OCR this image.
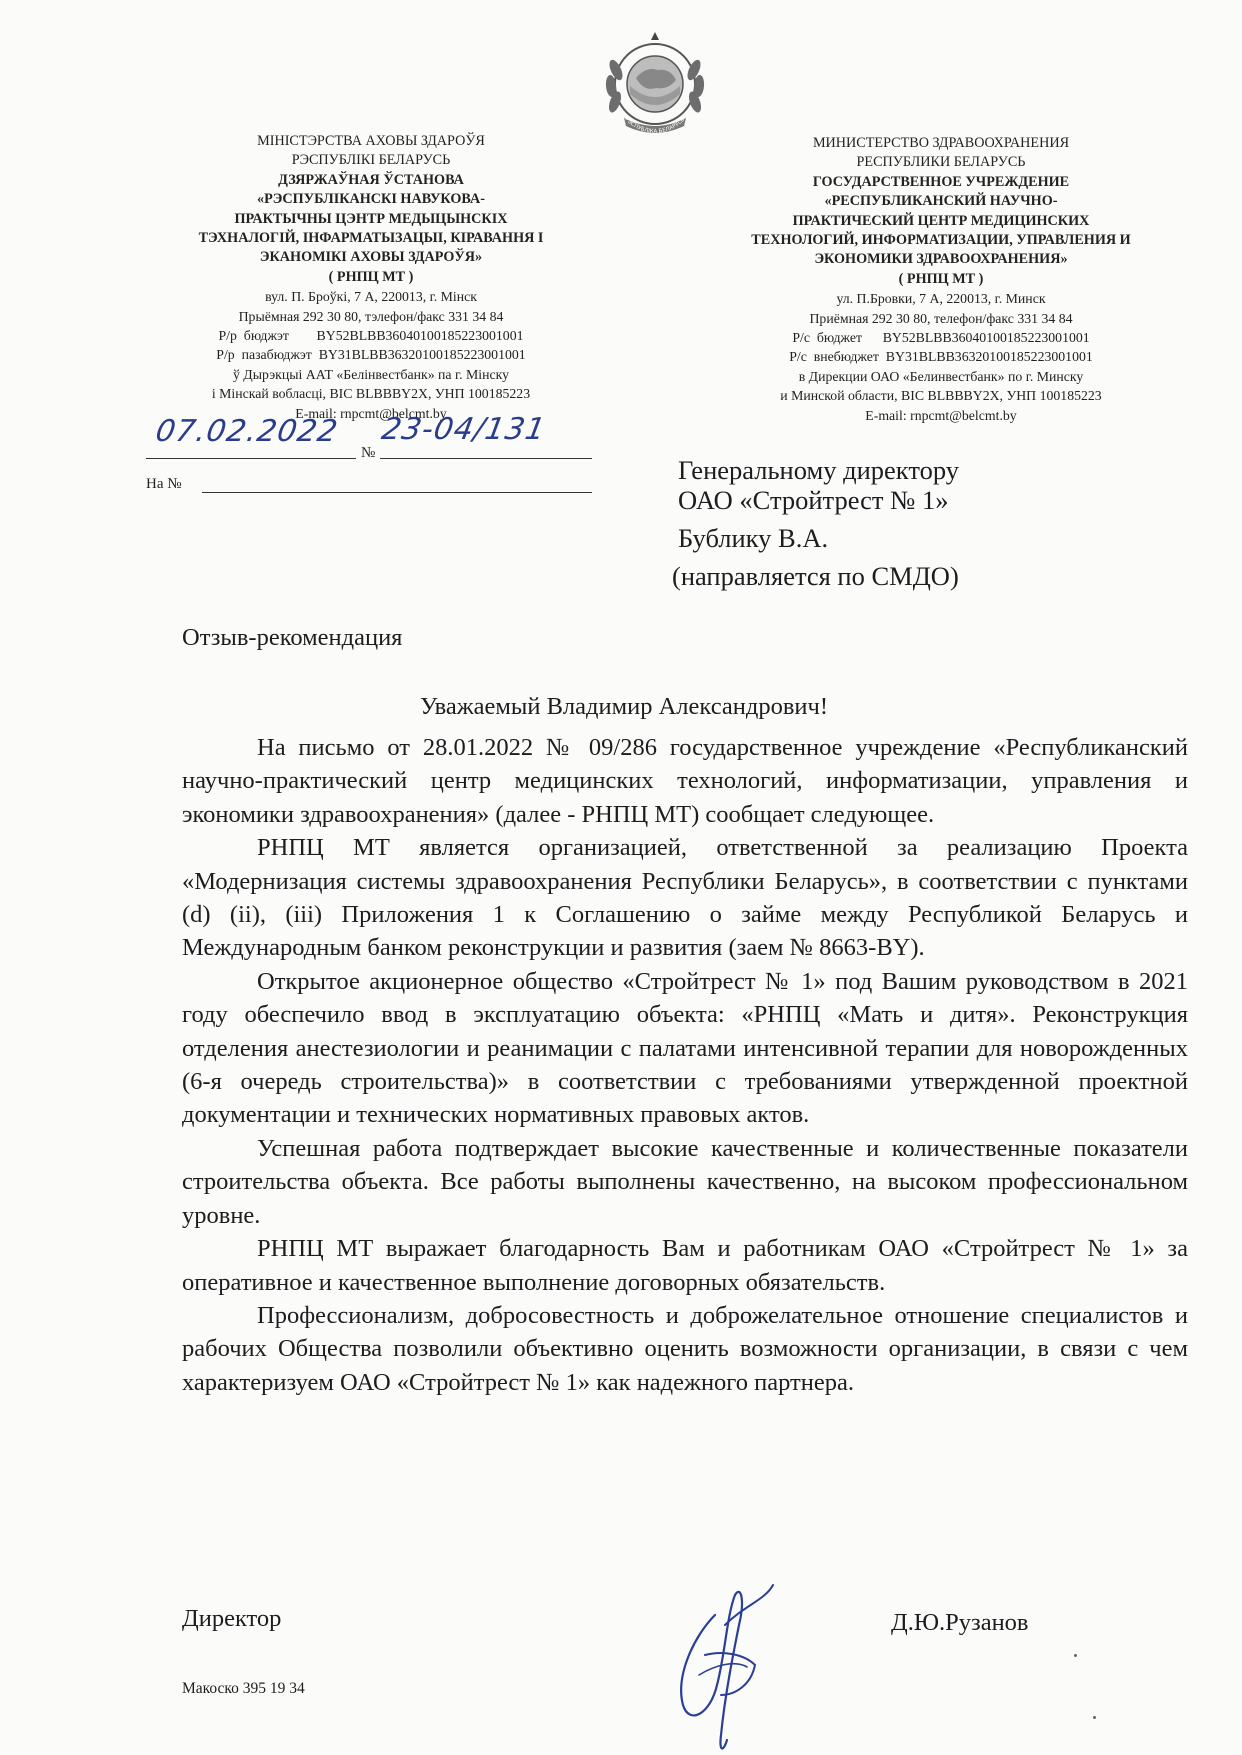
РЭСПУБЛІКА БЕЛАРУСЬ
МІНІСТЭРСТВА АХОВЫ ЗДАРОЎЯ
РЭСПУБЛІКІ БЕЛАРУСЬ
ДЗЯРЖАЎНАЯ ЎСТАНОВА
«РЭСПУБЛІКАНСКІ НАВУКОВА-
ПРАКТЫЧНЫ ЦЭНТР МЕДЫЦЫНСКІХ
ТЭХНАЛОГІЙ, ІНФАРМАТЫЗАЦЫІ, КІРАВАННЯ І
ЭКАНОМІКІ АХОВЫ ЗДАРОЎЯ»
( РНПЦ МТ )
вул. П. Броўкі, 7 А, 220013, г. Мінск
Прыёмная 292 30 80, тэлефон/факс 331 34 84
Р/р  бюджэт        BY52BLBB36040100185223001001
Р/р  пазабюджэт  BY31BLBB36320100185223001001
ў Дырэкцыі ААТ «Белінвестбанк» па г. Мінску
і Мінскай вобласці, BIC BLBBBY2X, УНП 100185223
E-mail: rnpcmt@belcmt.by
МИНИСТЕРСТВО ЗДРАВООХРАНЕНИЯ
РЕСПУБЛИКИ БЕЛАРУСЬ
ГОСУДАРСТВЕННОЕ УЧРЕЖДЕНИЕ
«РЕСПУБЛИКАНСКИЙ НАУЧНО-
ПРАКТИЧЕСКИЙ ЦЕНТР МЕДИЦИНСКИХ
ТЕХНОЛОГИЙ, ИНФОРМАТИЗАЦИИ, УПРАВЛЕНИЯ И
ЭКОНОМИКИ ЗДРАВООХРАНЕНИЯ»
( РНПЦ МТ )
ул. П.Бровки, 7 А, 220013, г. Минск
Приёмная 292 30 80, телефон/факс 331 34 84
Р/с  бюджет      BY52BLBB36040100185223001001
Р/с  внебюджет  BY31BLBB36320100185223001001
в Дирекции ОАО «Белинвестбанк» по г. Минску
и Минской области, BIC BLBBBY2X, УНП 100185223
E-mail: rnpcmt@belcmt.by
07.02.2022
№
23-04/131
На №	Генеральному директору
ОАО «Стройтрест № 1»
Бублику В.А.
(направляется по СМДО)
Отзыв-рекомендация
Уважаемый Владимир Александрович!

На письмо от 28.01.2022 № 09/286 государственное учреждение «Республиканский научно-практический центр медицинских технологий, информатизации, управления и экономики здравоохранения» (далее - РНПЦ МТ) сообщает следующее.

РНПЦ МТ является организацией, ответственной за реализацию Проекта «Модернизация системы здравоохранения Республики Беларусь», в соответствии с пунктами (d) (ii), (iii) Приложения 1 к Соглашению о займе между Республикой Беларусь и Международным банком реконструкции и развития (заем № 8663-BY).

Открытое акционерное общество «Стройтрест № 1» под Вашим руководством в 2021 году обеспечило ввод в эксплуатацию объекта: «РНПЦ «Мать и дитя». Реконструкция отделения анестезиологии и реанимации с палатами интенсивной терапии для новорожденных (6-я очередь строительства)» в соответствии с требованиями утвержденной проектной документации и технических нормативных правовых актов.

Успешная работа подтверждает высокие качественные и количественные показатели строительства объекта. Все работы выполнены качественно, на высоком профессиональном уровне.

РНПЦ МТ выражает благодарность Вам и работникам ОАО «Стройтрест № 1» за оперативное и качественное выполнение договорных обязательств.

Профессионализм, добросовестность и доброжелательное отношение специалистов и рабочих Общества позволили объективно оценить возможности организации, в связи с чем характеризуем ОАО «Стройтрест № 1» как надежного партнера.

Директор	Д.Ю.Рузанов
Макоско 395 19 34
